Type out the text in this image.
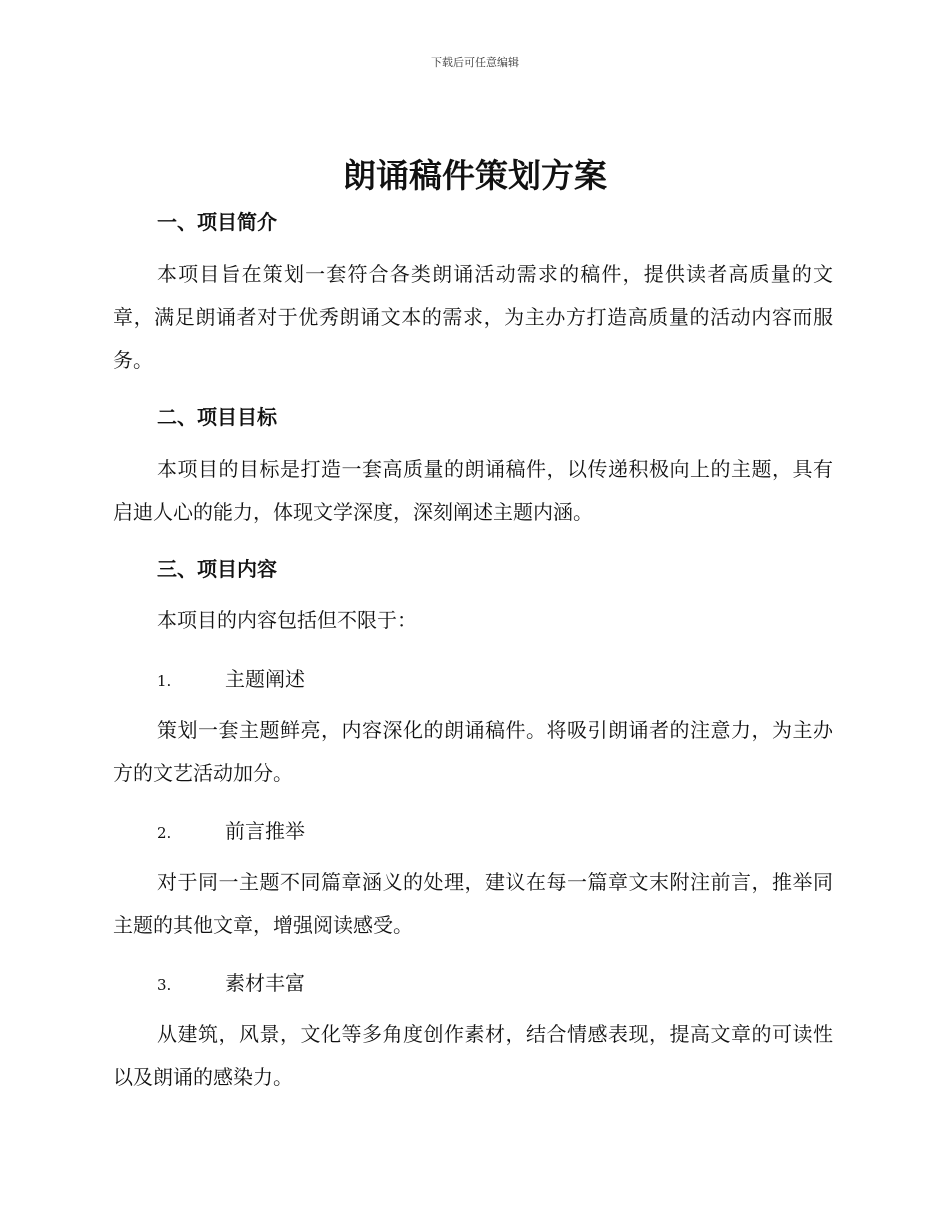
下载后可任意编辑
朗诵稿件策划方案
一、项目简介

本项目旨在策划一套符合各类朗诵活动需求的稿件，提供读者高质量的文章，满足朗诵者对于优秀朗诵文本的需求，为主办方打造高质量的活动内容而服务。

二、项目目标

本项目的目标是打造一套高质量的朗诵稿件，以传递积极向上的主题，具有启迪人心的能力，体现文学深度，深刻阐述主题内涵。

三、项目内容

本项目的内容包括但不限于：

1.	主题阐述

策划一套主题鲜亮，内容深化的朗诵稿件。将吸引朗诵者的注意力，为主办方的文艺活动加分。

2.	前言推举

对于同一主题不同篇章涵义的处理，建议在每一篇章文末附注前言，推举同主题的其他文章，增强阅读感受。

3.	素材丰富

从建筑，风景，文化等多角度创作素材，结合情感表现，提高文章的可读性以及朗诵的感染力。
